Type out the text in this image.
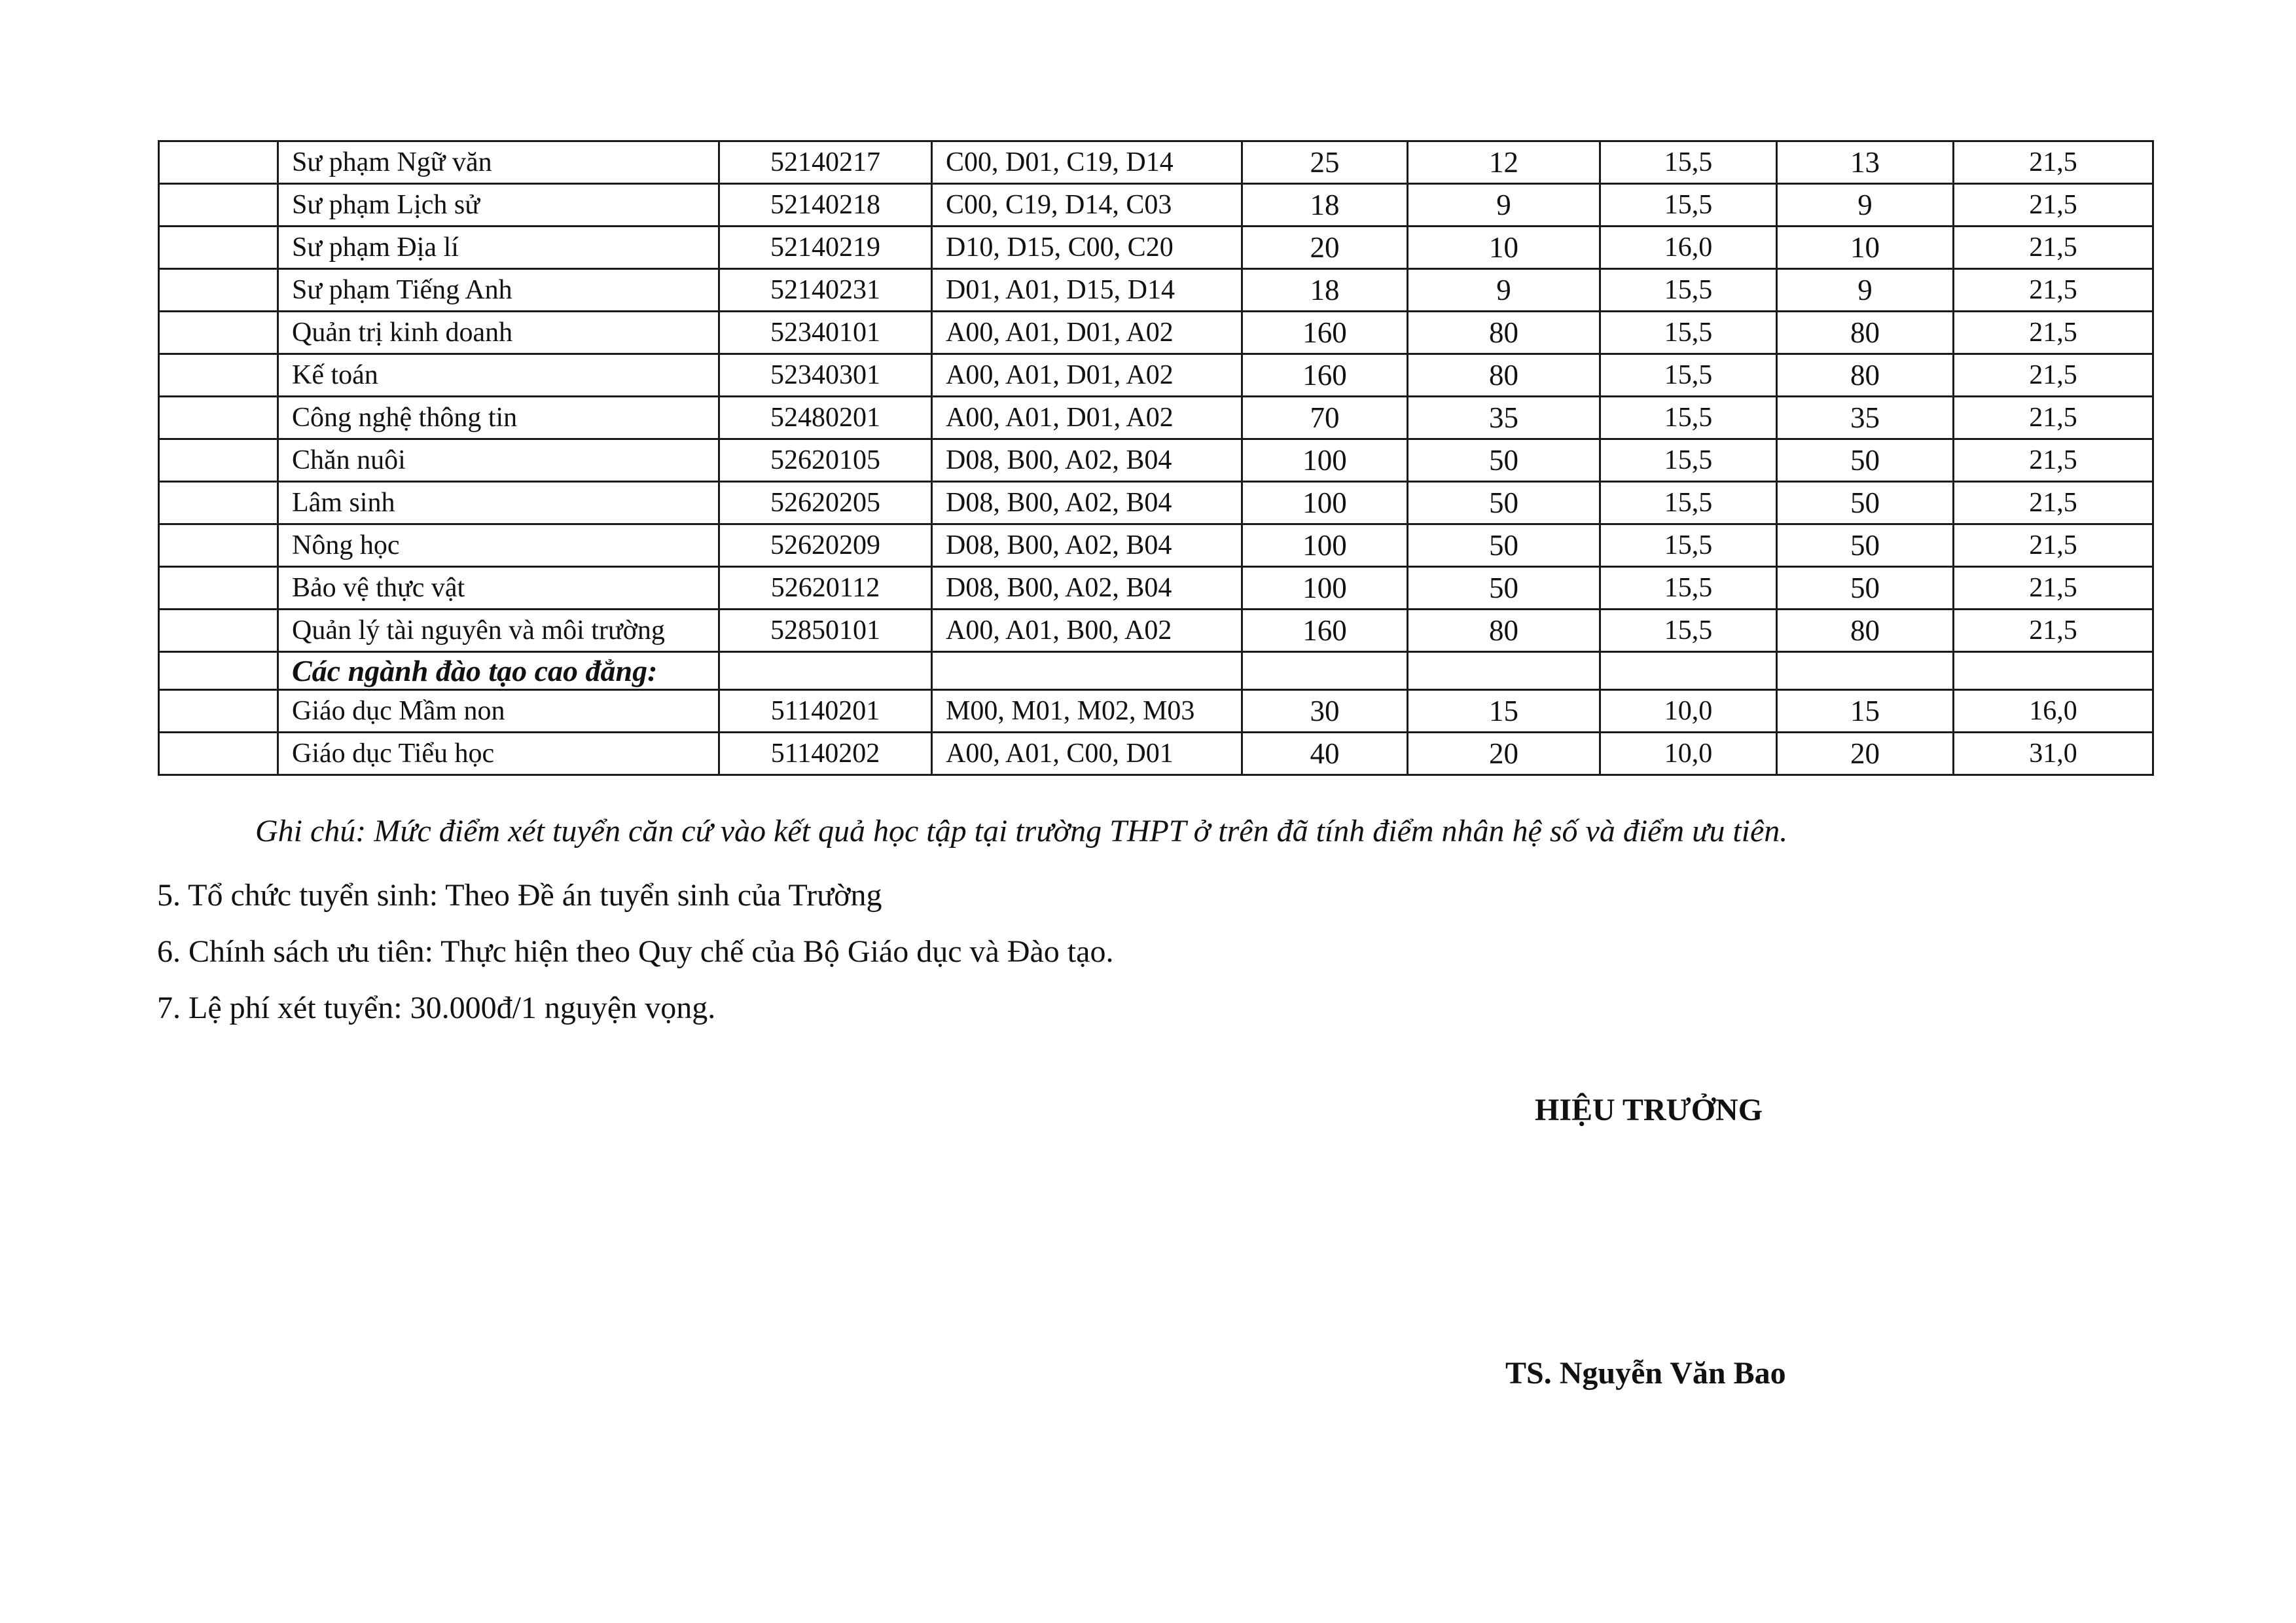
	Sư phạm Ngữ văn	52140217	C00, D01, C19, D14	25	12	15,5	13	21,5
	Sư phạm Lịch sử	52140218	C00, C19, D14, C03	18	9	15,5	9	21,5
	Sư phạm Địa lí	52140219	D10, D15, C00, C20	20	10	16,0	10	21,5
	Sư phạm Tiếng Anh	52140231	D01, A01, D15, D14	18	9	15,5	9	21,5
	Quản trị kinh doanh	52340101	A00, A01, D01, A02	160	80	15,5	80	21,5
	Kế toán	52340301	A00, A01, D01, A02	160	80	15,5	80	21,5
	Công nghệ thông tin	52480201	A00, A01, D01, A02	70	35	15,5	35	21,5
	Chăn nuôi	52620105	D08, B00, A02, B04	100	50	15,5	50	21,5
	Lâm sinh	52620205	D08, B00, A02, B04	100	50	15,5	50	21,5
	Nông học	52620209	D08, B00, A02, B04	100	50	15,5	50	21,5
	Bảo vệ thực vật	52620112	D08, B00, A02, B04	100	50	15,5	50	21,5
	Quản lý tài nguyên và môi trường	52850101	A00, A01, B00, A02	160	80	15,5	80	21,5
	Các ngành đào tạo cao đẳng:							
	Giáo dục Mầm non	51140201	M00, M01, M02, M03	30	15	10,0	15	16,0
	Giáo dục Tiểu học	51140202	A00, A01, C00, D01	40	20	10,0	20	31,0
Ghi chú: Mức điểm xét tuyển căn cứ vào kết quả học tập tại trường THPT ở trên đã tính điểm nhân hệ số và điểm ưu tiên.
5. Tổ chức tuyển sinh: Theo Đề án tuyển sinh của Trường
6. Chính sách ưu tiên: Thực hiện theo Quy chế của Bộ Giáo dục và Đào tạo.
7. Lệ phí xét tuyển: 30.000đ/1 nguyện vọng.
HIỆU TRƯỞNG
TS. Nguyễn Văn Bao
